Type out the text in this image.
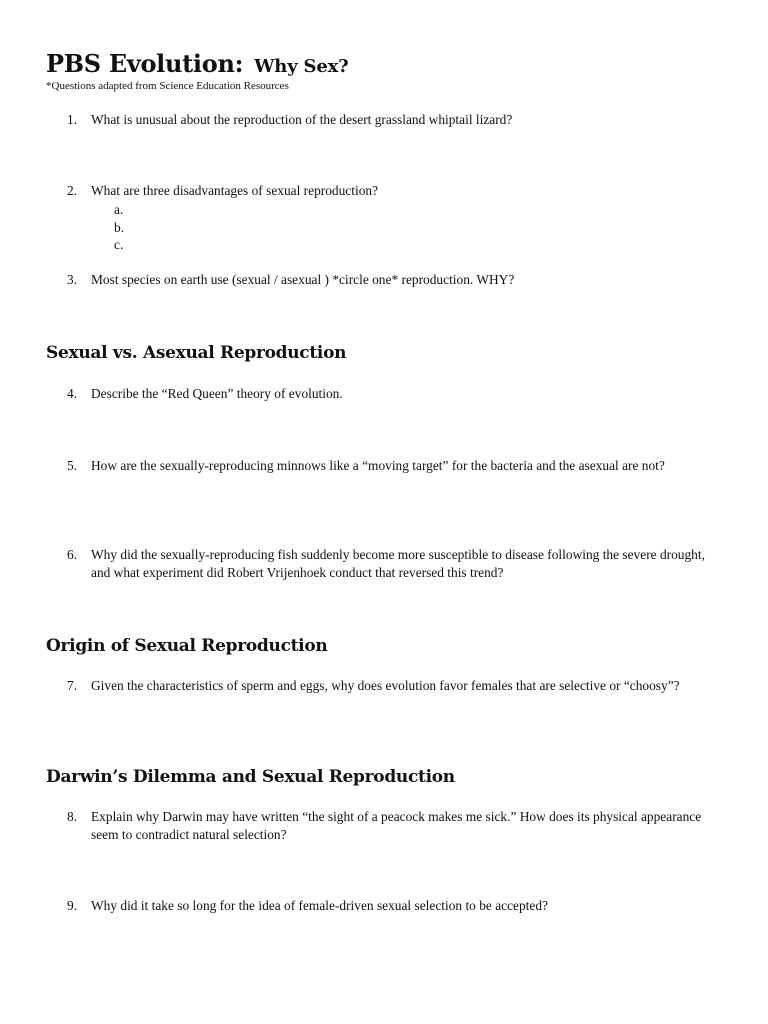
PBS Evolution: Why Sex?

*Questions adapted from Science Education Resources

1. What is unusual about the reproduction of the desert grassland whiptail lizard?
2. What are three disadvantages of sexual reproduction?
a.
b.
c.
3. Most species on earth use (sexual / asexual ) *circle one* reproduction. WHY?
Sexual vs. Asexual Reproduction
4. Describe the “Red Queen” theory of evolution.
5. How are the sexually-reproducing minnows like a “moving target” for the bacteria and the asexual are not?
6. Why did the sexually-reproducing fish suddenly become more susceptible to disease following the severe drought, and what experiment did Robert Vrijenhoek conduct that reversed this trend?
Origin of Sexual Reproduction
7. Given the characteristics of sperm and eggs, why does evolution favor females that are selective or “choosy”?
Darwin’s Dilemma and Sexual Reproduction
8. Explain why Darwin may have written “the sight of a peacock makes me sick.” How does its physical appearance seem to contradict natural selection?
9. Why did it take so long for the idea of female-driven sexual selection to be accepted?
